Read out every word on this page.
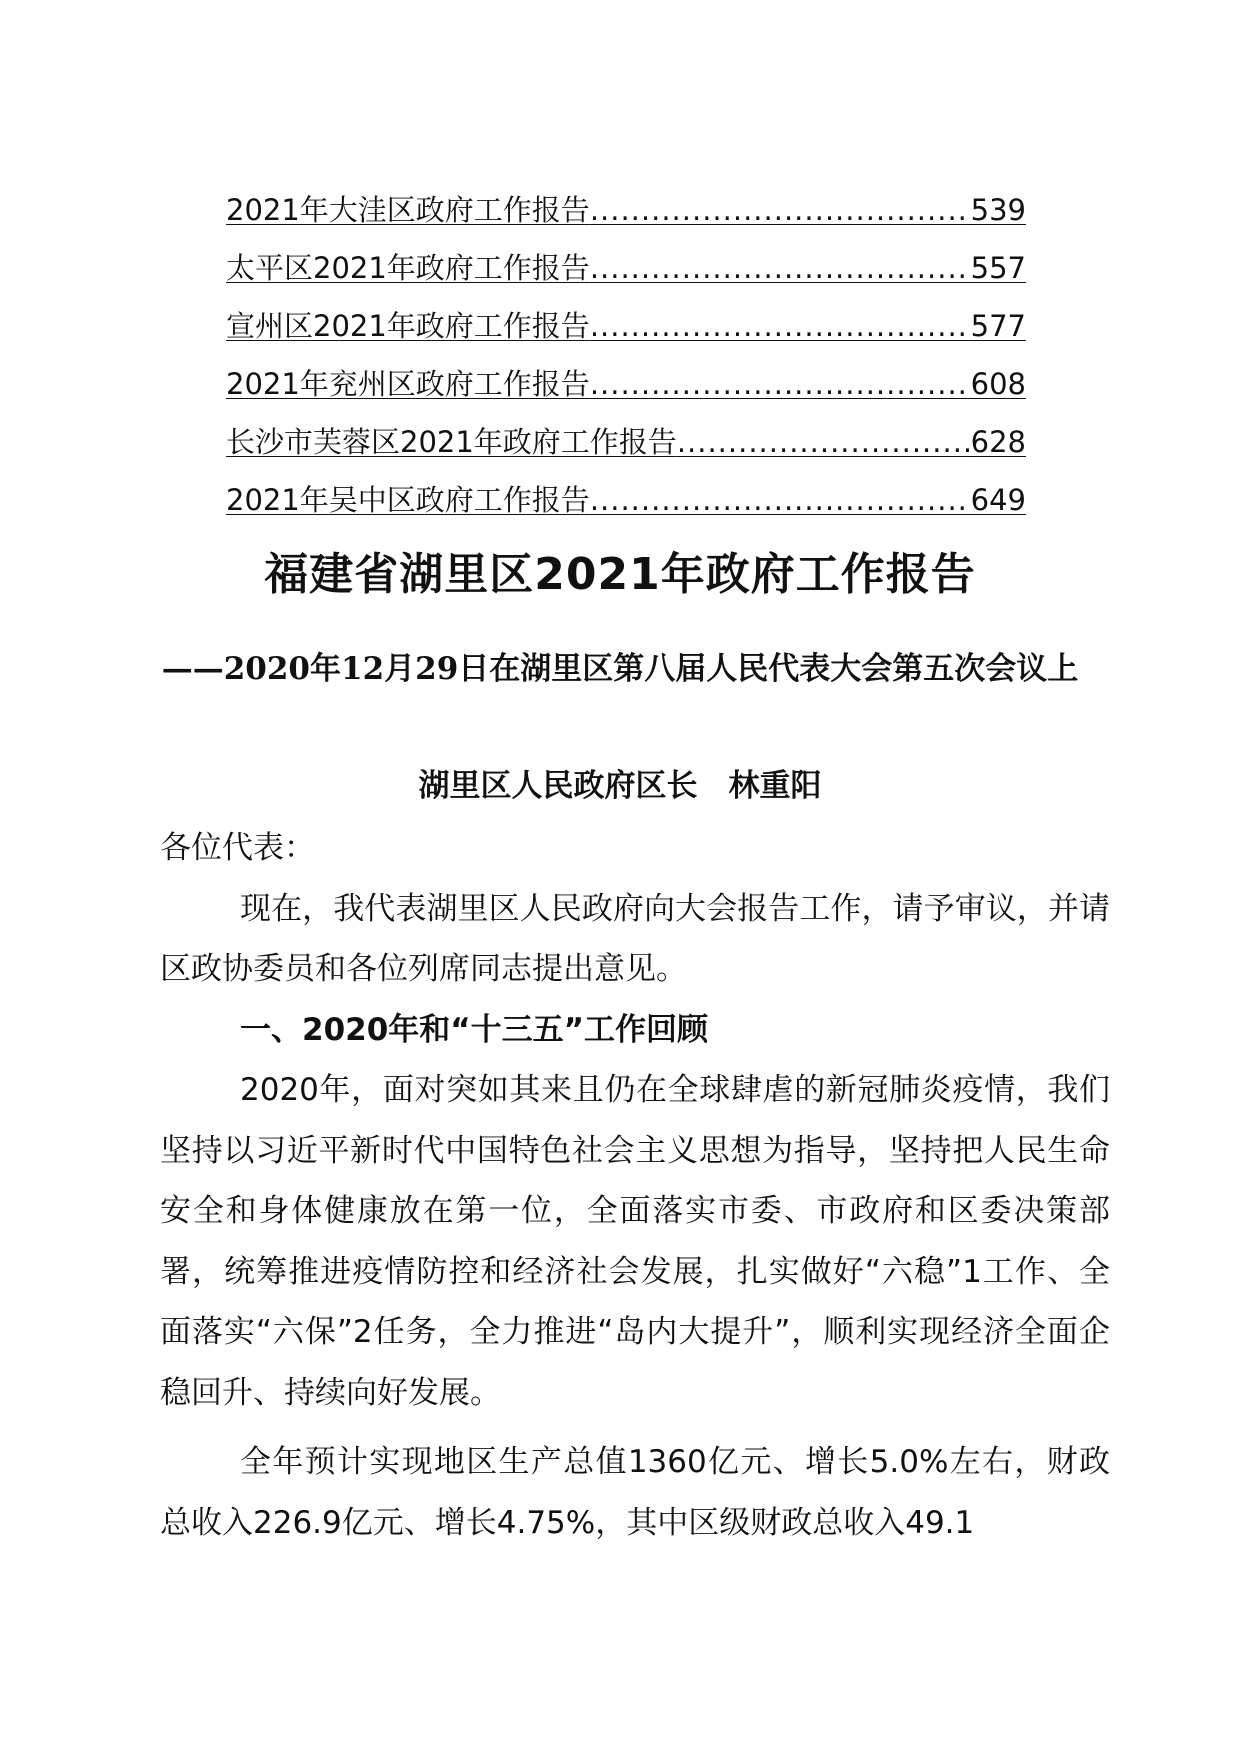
2021年大洼区政府工作报告 .....	539
太平区2021年政府工作报告 .....	557
宣州区2021年政府工作报告 .....	577
2021年兖州区政府工作报告 .....	608
长沙市芙蓉区2021年政府工作报告 .....	628
2021年吴中区政府工作报告 .....	649
福建省湖里区2021年政府工作报告
——2020年12月29日在湖里区第八届人民代表大会第五次会议上
湖里区人民政府区长　林重阳

各位代表：

现在，我代表湖里区人民政府向大会报告工作，请予审议，并请区政协委员和各位列席同志提出意见。

一、2020年和“十三五”工作回顾

2020年，面对突如其来且仍在全球肆虐的新冠肺炎疫情，我们坚持以习近平新时代中国特色社会主义思想为指导，坚持把人民生命安全和身体健康放在第一位，全面落实市委、市政府和区委决策部署，统筹推进疫情防控和经济社会发展，扎实做好“六稳”1工作、全面落实“六保”2任务，全力推进“岛内大提升”，顺利实现经济全面企稳回升、持续向好发展。

全年预计实现地区生产总值1360亿元、增长5.0%左右，财政总收入226.9亿元、增长4.75%，其中区级财政总收入49.1
